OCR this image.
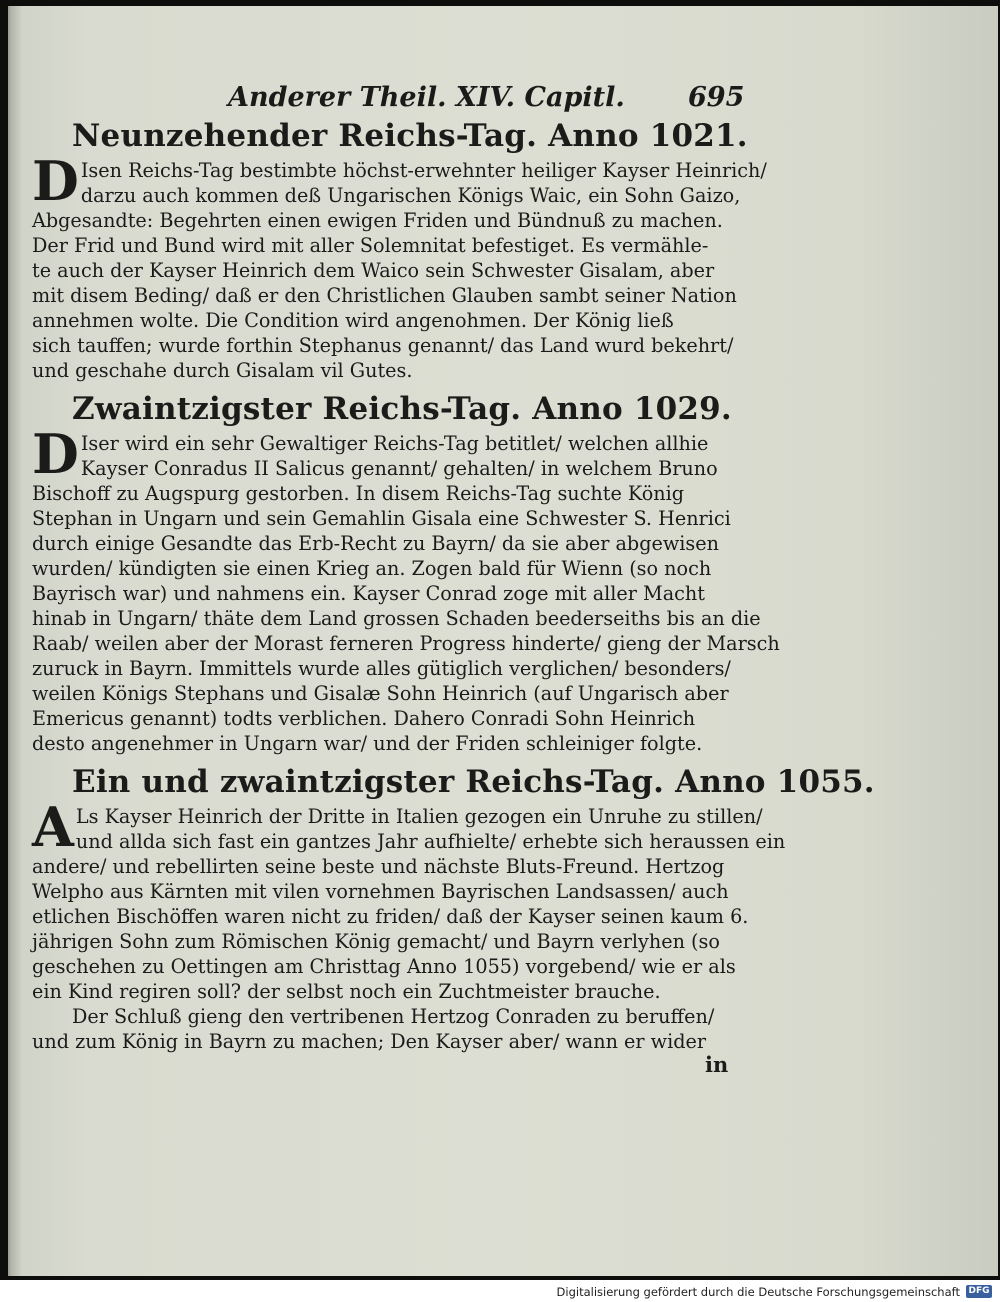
Anderer Theil. XIV. Capitl. 695
Neunzehender Reichs-Tag. Anno 1021.
D Isen Reichs-Tag bestimbte höchst-erwehnter heiliger Kayser Heinrich/
darzu auch kommen deß Ungarischen Königs Waic, ein Sohn Gaizo,
Abgesandte: Begehrten einen ewigen Friden und Bündnuß zu machen.
Der Frid und Bund wird mit aller Solemnitat befestiget. Es vermähle-
te auch der Kayser Heinrich dem Waico sein Schwester Gisalam, aber
mit disem Beding/ daß er den Christlichen Glauben sambt seiner Nation
annehmen wolte. Die Condition wird angenohmen. Der König ließ
sich tauffen; wurde forthin Stephanus genannt/ das Land wurd bekehrt/
und geschahe durch Gisalam vil Gutes.
Zwaintzigster Reichs-Tag. Anno 1029.
D Iser wird ein sehr Gewaltiger Reichs-Tag betitlet/ welchen allhie
Kayser Conradus II Salicus genannt/ gehalten/ in welchem Bruno
Bischoff zu Augspurg gestorben. In disem Reichs-Tag suchte König
Stephan in Ungarn und sein Gemahlin Gisala eine Schwester S. Henrici
durch einige Gesandte das Erb-Recht zu Bayrn/ da sie aber abgewisen
wurden/ kündigten sie einen Krieg an. Zogen bald für Wienn (so noch
Bayrisch war) und nahmens ein. Kayser Conrad zoge mit aller Macht
hinab in Ungarn/ thäte dem Land grossen Schaden beederseiths bis an die
Raab/ weilen aber der Morast ferneren Progress hinderte/ gieng der Marsch
zuruck in Bayrn. Immittels wurde alles gütiglich verglichen/ besonders/
weilen Königs Stephans und Gisalæ Sohn Heinrich (auf Ungarisch aber
Emericus genannt) todts verblichen. Dahero Conradi Sohn Heinrich
desto angenehmer in Ungarn war/ und der Friden schleiniger folgte.
Ein und zwaintzigster Reichs-Tag. Anno 1055.
A Ls Kayser Heinrich der Dritte in Italien gezogen ein Unruhe zu stillen/
und allda sich fast ein gantzes Jahr aufhielte/ erhebte sich heraussen ein
andere/ und rebellirten seine beste und nächste Bluts-Freund. Hertzog
Welpho aus Kärnten mit vilen vornehmen Bayrischen Landsassen/ auch
etlichen Bischöffen waren nicht zu friden/ daß der Kayser seinen kaum 6.
jährigen Sohn zum Römischen König gemacht/ und Bayrn verlyhen (so
geschehen zu Oettingen am Christtag Anno 1055) vorgebend/ wie er als
ein Kind regiren soll? der selbst noch ein Zuchtmeister brauche.
Der Schluß gieng den vertribenen Hertzog Conraden zu beruffen/
und zum König in Bayrn zu machen; Den Kayser aber/ wann er wider
in
Digitalisierung gefördert durch die Deutsche Forschungsgemeinschaft DFG
